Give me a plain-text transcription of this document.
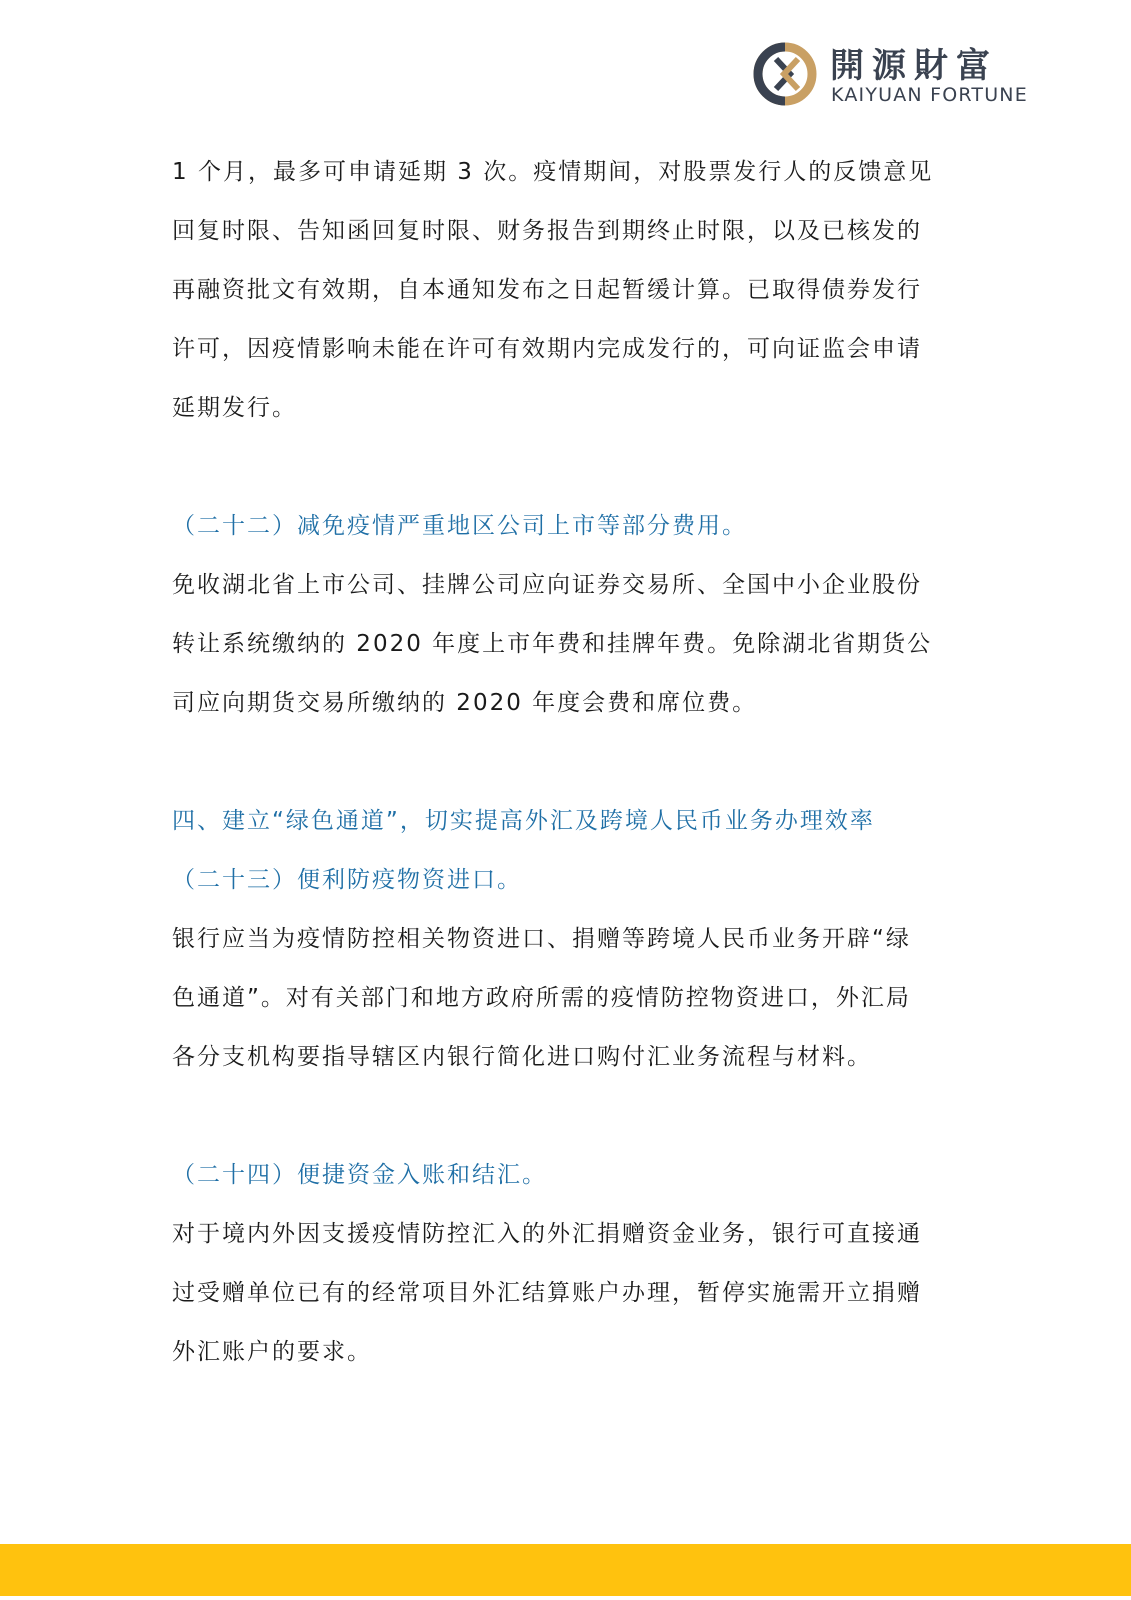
開源財富
KAIYUAN FORTUNE
1 个月，最多可申请延期 3 次。疫情期间，对股票发行人的反馈意见
回复时限、告知函回复时限、财务报告到期终止时限，以及已核发的
再融资批文有效期，自本通知发布之日起暂缓计算。已取得债券发行
许可，因疫情影响未能在许可有效期内完成发行的，可向证监会申请
延期发行。
（二十二）减免疫情严重地区公司上市等部分费用。
免收湖北省上市公司、挂牌公司应向证券交易所、全国中小企业股份
转让系统缴纳的 2020 年度上市年费和挂牌年费。免除湖北省期货公
司应向期货交易所缴纳的 2020 年度会费和席位费。
四、建立“绿色通道”，切实提高外汇及跨境人民币业务办理效率
（二十三）便利防疫物资进口。
银行应当为疫情防控相关物资进口、捐赠等跨境人民币业务开辟“绿
色通道”。对有关部门和地方政府所需的疫情防控物资进口，外汇局
各分支机构要指导辖区内银行简化进口购付汇业务流程与材料。
（二十四）便捷资金入账和结汇。
对于境内外因支援疫情防控汇入的外汇捐赠资金业务，银行可直接通
过受赠单位已有的经常项目外汇结算账户办理，暂停实施需开立捐赠
外汇账户的要求。
